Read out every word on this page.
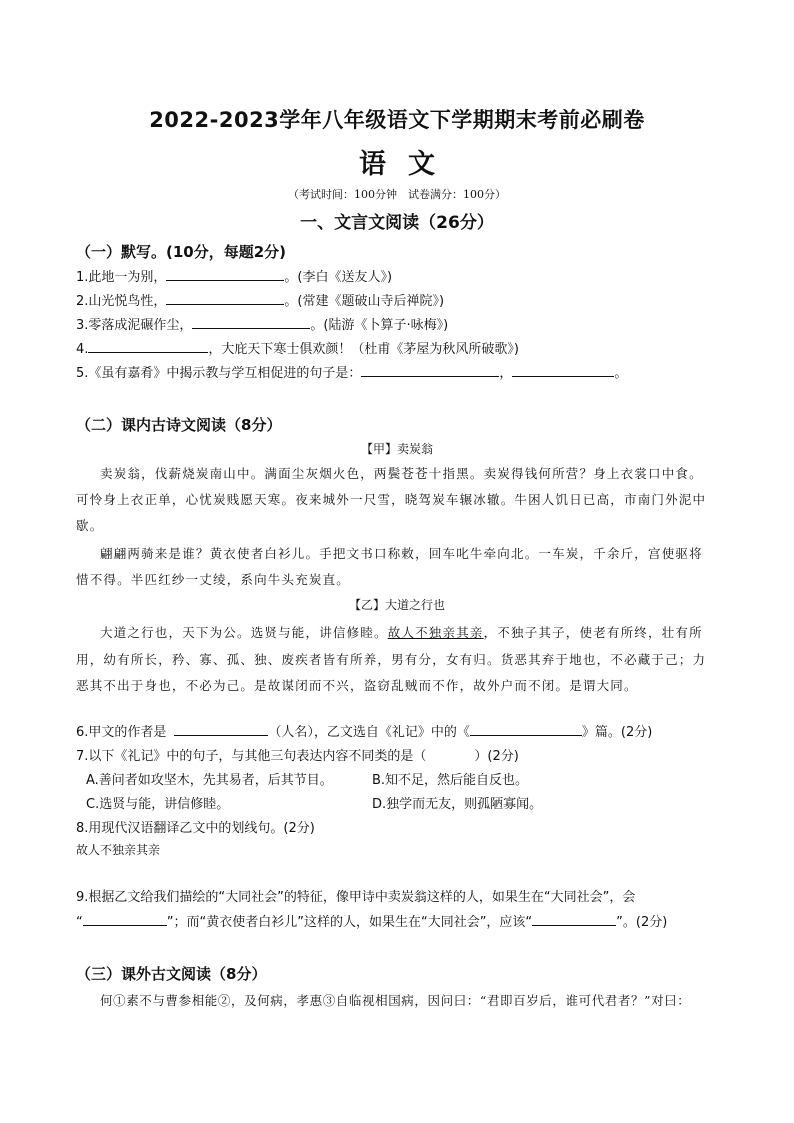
2022-2023学年八年级语文下学期期末考前必刷卷
语文
（考试时间：100分钟　试卷满分：100分）
一、文言文阅读（26分）
（一）默写。(10分，每题2分)
1.此地一为别，	。(李白《送友人》)
2.山光悦鸟性，	。(常建《题破山寺后禅院》)
3.零落成泥碾作尘，	。(陆游《卜算子·咏梅》)
4.	，大庇天下寒士俱欢颜！（杜甫《茅屋为秋风所破歌》)
5.《虽有嘉肴》中揭示教与学互相促进的句子是：	，	。
（二）课内古诗文阅读（8分）
【甲】卖炭翁
卖炭翁，伐薪烧炭南山中。满面尘灰烟火色，两鬓苍苍十指黑。卖炭得钱何所营？身上衣裳口中食。
可怜身上衣正单，心忧炭贱愿天寒。夜来城外一尺雪，晓驾炭车辗冰辙。牛困人饥日已高，市南门外泥中
歇。
翩翩两骑来是谁？黄衣使者白衫儿。手把文书口称敕，回车叱牛牵向北。一车炭，千余斤，宫使驱将
惜不得。半匹红纱一丈绫，系向牛头充炭直。
【乙】大道之行也
大道之行也，天下为公。选贤与能，讲信修睦。故人不独亲其亲，不独子其子，使老有所终，壮有所
用，幼有所长，矜、寡、孤、独、废疾者皆有所养，男有分，女有归。货恶其弃于地也，不必藏于己；力
恶其不出于身也，不必为己。是故谋闭而不兴，盗窃乱贼而不作，故外户而不闭。是谓大同。
6.甲文的作者是	（人名），乙文选自《礼记》中的《	》篇。(2分)
7.以下《礼记》中的句子，与其他三句表达内容不同类的是（	）(2分)
A.善问者如攻坚木，先其易者，后其节目。	B.知不足，然后能自反也。
C.选贤与能，讲信修睦。	D.独学而无友，则孤陋寡闻。
8.用现代汉语翻译乙文中的划线句。(2分)
故人不独亲其亲
9.根据乙文给我们描绘的“大同社会”的特征，像甲诗中卖炭翁这样的人，如果生在“大同社会”，会
“	”；而“黄衣使者白衫儿”这样的人，如果生在“大同社会”，应该“	”。(2分)
（三）课外古文阅读（8分）
何①素不与曹参相能②，及何病，孝惠③自临视相国病，因问曰：“君即百岁后，谁可代君者？”对曰：
